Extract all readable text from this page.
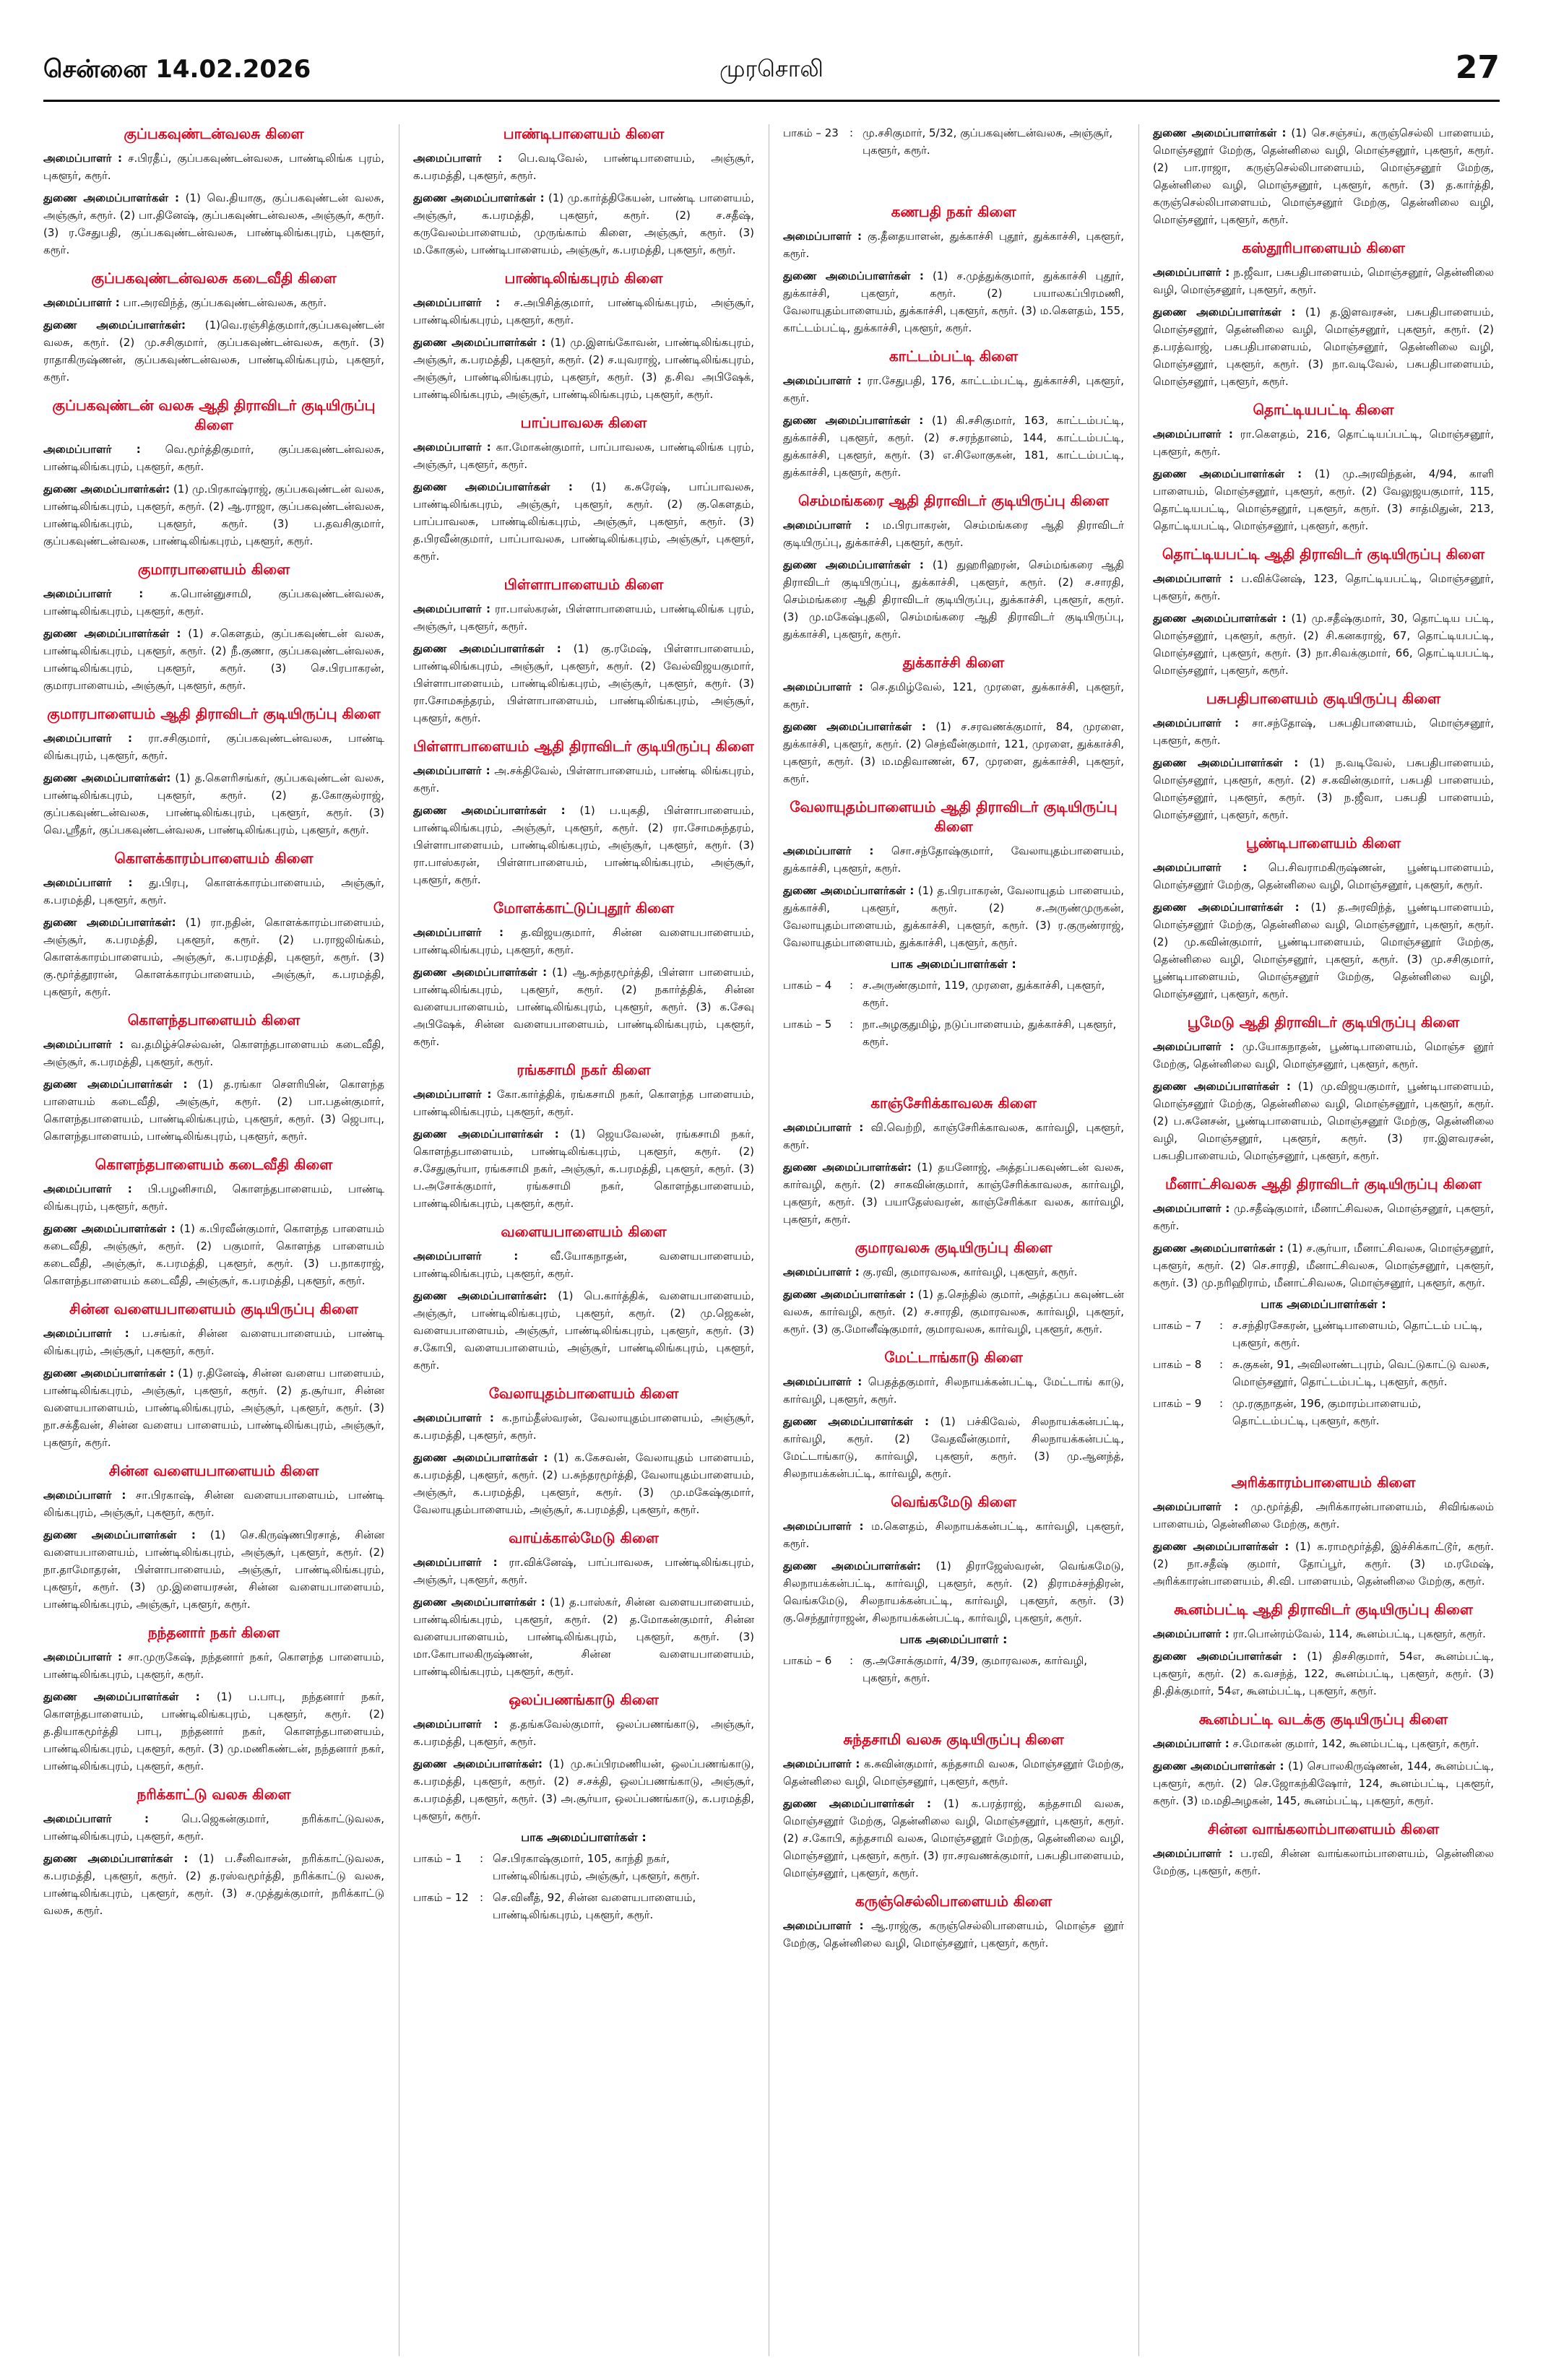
சென்னை 14.02.2026	முரசொலி	27
குப்பகவுண்டன்வலசு கிளை

அமைப்பாளர் : ச.பிரதீப், குப்பகவுண்டன்வலசு, பாண்டிலிங்க புரம், புகளூர், கரூர்.

துணை அமைப்பாளர்கள் : (1) வெ.தியாகு, குப்பகவுண்டன் வலசு, அஞ்சூர், கரூர். (2) பா.தினேஷ், குப்பகவுண்டன்வலசு, அஞ்சூர், கரூர். (3) ர.சேதுபதி, குப்பகவுண்டன்வலசு, பாண்டிலிங்கபுரம், புகளூர், கரூர்.

குப்பகவுண்டன்வலசு கடைவீதி கிளை

அமைப்பாளர் : பா.அரவிந்த், குப்பகவுண்டன்வலசு, கரூர்.

துணை அமைப்பாளர்கள்: (1)வெ.ரஞ்சித்குமார்,குப்பகவுண்டன் வலசு, கரூர். (2) மு.சசிகுமார், குப்பகவுண்டன்வலசு, கரூர். (3) ராதாகிருஷ்ணன், குப்பகவுண்டன்வலசு, பாண்டிலிங்கபுரம், புகளூர், கரூர்.

குப்பகவுண்டன் வலசு ஆதி திராவிடர் குடியிருப்பு கிளை

அமைப்பாளர் : வெ.மூர்த்திகுமார், குப்பகவுண்டன்வலசு, பாண்டிலிங்கபுரம், புகளூர், கரூர்.

துணை அமைப்பாளர்கள்: (1) மு.பிரகாஷ்ராஜ், குப்பகவுண்டன் வலசு, பாண்டிலிங்கபுரம், புகளூர், கரூர். (2) ஆ.ராஜா, குப்பகவுண்டன்வலசு, பாண்டிலிங்கபுரம், புகளூர், கரூர். (3) ப.தவசிகுமார், குப்பகவுண்டன்வலசு, பாண்டிலிங்கபுரம், புகளூர், கரூர்.

குமாரபாளையம் கிளை

அமைப்பாளர் : க.பொன்னுசாமி, குப்பகவுண்டன்வலசு, பாண்டிலிங்கபுரம், புகளூர், கரூர்.

துணை அமைப்பாளர்கள் : (1) ச.கௌதம், குப்பகவுண்டன் வலசு, பாண்டிலிங்கபுரம், புகளூர், கரூர். (2) நீ.குணா, குப்பகவுண்டன்வலசு, பாண்டிலிங்கபுரம், புகளூர், கரூர். (3) செ.பிரபாகரன், குமாரபாளையம், அஞ்சூர், புகளூர், கரூர்.

குமாரபாளையம் ஆதி திராவிடர் குடியிருப்பு கிளை

அமைப்பாளர் : ரா.சசிகுமார், குப்பகவுண்டன்வலசு, பாண்டி லிங்கபுரம், புகளூர், கரூர்.

துணை அமைப்பாளர்கள்: (1) த.கௌரிசங்கர், குப்பகவுண்டன் வலசு, பாண்டிலிங்கபுரம், புகளூர், கரூர். (2) த.கோகுல்ராஜ், குப்பகவுண்டன்வலசு, பாண்டிலிங்கபுரம், புகளூர், கரூர். (3) வெ.ஸ்ரீதர், குப்பகவுண்டன்வலசு, பாண்டிலிங்கபுரம், புகளூர், கரூர்.

கொளக்காரம்பாளையம் கிளை

அமைப்பாளர் : து.பிரபு, கொளக்காரம்பாளையம், அஞ்சூர், க.பரமத்தி, புகளூர், கரூர்.

துணை அமைப்பாளர்கள்: (1) ரா.நதின், கொளக்காரம்பாளையம், அஞ்சூர், க.பரமத்தி, புகளூர், கரூர். (2) ப.ராஜலிங்கம், கொளக்காரம்பாளையம், அஞ்சூர், க.பரமத்தி, புகளூர், கரூர். (3) கு.மூர்த்தூரான், கொளக்காரம்பாளையம், அஞ்சூர், க.பரமத்தி, புகளூர், கரூர்.

கொளந்தபாளையம் கிளை

அமைப்பாளர் : வ.தமிழ்ச்செல்வன், கொளந்தபாளையம் கடைவீதி, அஞ்சூர், க.பரமத்தி, புகளூர், கரூர்.

துணை அமைப்பாளர்கள் : (1) த.ரங்கா செளரியின், கொளந்த பாளையம் கடைவீதி, அஞ்சூர், கரூர். (2) பா.பதன்குமார், கொளந்தபாளையம், பாண்டிலிங்கபுரம், புகளூர், கரூர். (3) ஜெபாபு, கொளந்தபாளையம், பாண்டிலிங்கபுரம், புகளூர், கரூர்.

கொளந்தபாளையம் கடைவீதி கிளை

அமைப்பாளர் : பி.பழனிசாமி, கொளந்தபாளையம், பாண்டி லிங்கபுரம், புகளூர், கரூர்.

துணை அமைப்பாளர்கள் : (1) க.பிரவீன்குமார், கொளந்த பாளையம் கடைவீதி, அஞ்சூர், கரூர். (2) பகுமார், கொளந்த பாளையம் கடைவீதி, அஞ்சூர், க.பரமத்தி, புகளூர், கரூர். (3) ப.நாகராஜ், கொளந்தபாளையம் கடைவீதி, அஞ்சூர், க.பரமத்தி, புகளூர், கரூர்.

சின்ன வளையபாளையம் குடியிருப்பு கிளை

அமைப்பாளர் : ப.சங்கர், சின்ன வளையபாளையம், பாண்டி லிங்கபுரம், அஞ்சூர், புகளூர், கரூர்.

துணை அமைப்பாளர்கள் : (1) ர.தினேஷ், சின்ன வளைய பாளையம், பாண்டிலிங்கபுரம், அஞ்சூர், புகளூர், கரூர். (2) த.சூர்யா, சின்ன வளையபாளையம், பாண்டிலிங்கபுரம், அஞ்சூர், புகளூர், கரூர். (3) நா.சக்தீவன், சின்ன வளைய பாளையம், பாண்டிலிங்கபுரம், அஞ்சூர், புகளூர், கரூர்.

சின்ன வளையபாளையம் கிளை

அமைப்பாளர் : சா.பிரகாஷ், சின்ன வளையபாளையம், பாண்டி லிங்கபுரம், அஞ்சூர், புகளூர், கரூர்.

துணை அமைப்பாளர்கள் : (1) செ.கிருஷ்ணபிரசாத், சின்ன வளையபாளையம், பாண்டிலிங்கபுரம், அஞ்சூர், புகளூர், கரூர். (2) நா.தாமோதரன், பிள்ளாபாளையம், அஞ்சூர், பாண்டிலிங்கபுரம், புகளூர், கரூர். (3) மு.இளையரசன், சின்ன வளையபாளையம், பாண்டிலிங்கபுரம், அஞ்சூர், புகளூர், கரூர்.

நந்தனார் நகர் கிளை

அமைப்பாளர் : சா.முருகேஷ், நந்தனார் நகர், கொளந்த பாளையம், பாண்டிலிங்கபுரம், புகளூர், கரூர்.

துணை அமைப்பாளர்கள் : (1) ப.பாபு, நந்தனார் நகர், கொளந்தபாளையம், பாண்டிலிங்கபுரம், புகளூர், கரூர். (2) த.தியாகமூர்த்தி பாபு, நந்தனார் நகர், கொளந்தபாளையம், பாண்டிலிங்கபுரம், புகளூர், கரூர். (3) மு.மணிகண்டன், நந்தனார் நகர், பாண்டிலிங்கபுரம், புகளூர், கரூர்.

நரிக்காட்டு வலசு கிளை

அமைப்பாளர் : பெ.ஜெகன்குமார், நரிக்காட்டுவலசு, பாண்டிலிங்கபுரம், புகளூர், கரூர்.

துணை அமைப்பாளர்கள் : (1) ப.சீனிவாசன், நரிக்காட்டுவலசு, க.பரமத்தி, புகளூர், கரூர். (2) த.ரஸ்வமூர்த்தி, நரிக்காட்டு வலசு, பாண்டிலிங்கபுரம், புகளூர், கரூர். (3) ச.முத்துக்குமார், நரிக்காட்டு வலசு, கரூர்.

பாண்டிபாளையம் கிளை

அமைப்பாளர் : பெ.வடிவேல், பாண்டிபாளையம், அஞ்சூர், க.பரமத்தி, புகளூர், கரூர்.

துணை அமைப்பாளர்கள் : (1) மு.கார்த்திகேயன், பாண்டி பாளையம், அஞ்சூர், க.பரமத்தி, புகளூர், கரூர். (2) ச.சதீஷ், கருவேலம்பாளையம், முருங்காம் கிளை, அஞ்சூர், கரூர். (3) ம.கோகுல், பாண்டிபாளையம், அஞ்சூர், க.பரமத்தி, புகளூர், கரூர்.

பாண்டிலிங்கபுரம் கிளை

அமைப்பாளர் : ச.அபிசித்குமார், பாண்டிலிங்கபுரம், அஞ்சூர், பாண்டிலிங்கபுரம், புகளூர், கரூர்.

துணை அமைப்பாளர்கள் : (1) மு.இளங்கோவன், பாண்டிலிங்கபுரம், அஞ்சூர், க.பரமத்தி, புகளூர், கரூர். (2) ச.யுவராஜ், பாண்டிலிங்கபுரம், அஞ்சூர், பாண்டிலிங்கபுரம், புகளூர், கரூர். (3) த.சிவ அபிஷேக், பாண்டிலிங்கபுரம், அஞ்சூர், பாண்டிலிங்கபுரம், புகளூர், கரூர்.

பாப்பாவலசு கிளை

அமைப்பாளர் : கா.மோகன்குமார், பாப்பாவலசு, பாண்டிலிங்க புரம், அஞ்சூர், புகளூர், கரூர்.

துணை அமைப்பாளர்கள் : (1) க.சுரேஷ், பாப்பாவலசு, பாண்டிலிங்கபுரம், அஞ்சூர், புகளூர், கரூர். (2) கு.கௌதம், பாப்பாவலசு, பாண்டிலிங்கபுரம், அஞ்சூர், புகளூர், கரூர். (3) த.பிரவீன்குமார், பாப்பாவலசு, பாண்டிலிங்கபுரம், அஞ்சூர், புகளூர், கரூர்.

பிள்ளாபாளையம் கிளை

அமைப்பாளர் : ரா.பாஸ்கரன், பிள்ளாபாளையம், பாண்டிலிங்க புரம், அஞ்சூர், புகளூர், கரூர்.

துணை அமைப்பாளர்கள் : (1) கு.ரமேஷ், பிள்ளாபாளையம், பாண்டிலிங்கபுரம், அஞ்சூர், புகளூர், கரூர். (2) வேல்விஜயகுமார், பிள்ளாபாளையம், பாண்டிலிங்கபுரம், அஞ்சூர், புகளூர், கரூர். (3) ரா.சோமசுந்தரம், பிள்ளாபாளையம், பாண்டிலிங்கபுரம், அஞ்சூர், புகளூர், கரூர்.

பிள்ளாபாளையம் ஆதி திராவிடர் குடியிருப்பு கிளை

அமைப்பாளர் : அ.சக்திவேல், பிள்ளாபாளையம், பாண்டி லிங்கபுரம், கரூர்.

துணை அமைப்பாளர்கள் : (1) ப.யுகதி, பிள்ளாபாளையம், பாண்டிலிங்கபுரம், அஞ்சூர், புகளூர், கரூர். (2) ரா.சோமசுந்தரம், பிள்ளாபாளையம், பாண்டிலிங்கபுரம், அஞ்சூர், புகளூர், கரூர். (3) ரா.பாஸ்கரன், பிள்ளாபாளையம், பாண்டிலிங்கபுரம், அஞ்சூர், புகளூர், கரூர்.

மோளக்காட்டுப்புதூர் கிளை

அமைப்பாளர் : த.விஜயகுமார், சின்ன வளையபாளையம், பாண்டிலிங்கபுரம், புகளூர், கரூர்.

துணை அமைப்பாளர்கள் : (1) ஆ.சுந்தரமூர்த்தி, பிள்ளா பாளையம், பாண்டிலிங்கபுரம், புகளூர், கரூர். (2) நகார்த்திக், சின்ன வளையபாளையம், பாண்டிலிங்கபுரம், புகளூர், கரூர். (3) க.சேவு அபிஷேக், சின்ன வளையபாளையம், பாண்டிலிங்கபுரம், புகளூர், கரூர்.

ரங்கசாமி நகர் கிளை

அமைப்பாளர் : கோ.கார்த்திக், ரங்கசாமி நகர், கொளந்த பாளையம், பாண்டிலிங்கபுரம், புகளூர், கரூர்.

துணை அமைப்பாளர்கள் : (1) ஜெயவேலன், ரங்கசாமி நகர், கொளந்தபாளையம், பாண்டிலிங்கபுரம், புகளூர், கரூர். (2) ச.சேதுசூர்யா, ரங்கசாமி நகர், அஞ்சூர், க.பரமத்தி, புகளூர், கரூர். (3) ப.அசோக்குமார், ரங்கசாமி நகர், கொளந்தபாளையம், பாண்டிலிங்கபுரம், புகளூர், கரூர்.

வளையபாளையம் கிளை

அமைப்பாளர் : வீ.யோகநாதன், வளையபாளையம், பாண்டிலிங்கபுரம், புகளூர், கரூர்.

துணை அமைப்பாளர்கள்: (1) பெ.கார்த்திக், வளையபாளையம், அஞ்சூர், பாண்டிலிங்கபுரம், புகளூர், கரூர். (2) மு.ஜெகன், வளையபாளையம், அஞ்சூர், பாண்டிலிங்கபுரம், புகளூர், கரூர். (3) ச.கோபி, வளையபாளையம், அஞ்சூர், பாண்டிலிங்கபுரம், புகளூர், கரூர்.

வேலாயுதம்பாளையம் கிளை

அமைப்பாளர் : க.நாம்தீஸ்வரன், வேலாயுதம்பாளையம், அஞ்சூர், க.பரமத்தி, புகளூர், கரூர்.

துணை அமைப்பாளர்கள் : (1) க.கேசவன், வேலாயுதம் பாளையம், க.பரமத்தி, புகளூர், கரூர். (2) ப.சுந்தரமூர்த்தி, வேலாயுதம்பாளையம், அஞ்சூர், க.பரமத்தி, புகளூர், கரூர். (3) மு.மகேஷ்குமார், வேலாயுதம்பாளையம், அஞ்சூர், க.பரமத்தி, புகளூர், கரூர்.

வாய்க்கால்மேடு கிளை

அமைப்பாளர் : ரா.விக்னேஷ், பாப்பாவலசு, பாண்டிலிங்கபுரம், அஞ்சூர், புகளூர், கரூர்.

துணை அமைப்பாளர்கள் : (1) த.பாஸ்கர், சின்ன வளையபாளையம், பாண்டிலிங்கபுரம், புகளூர், கரூர். (2) த.மோகன்குமார், சின்ன வளையபாளையம், பாண்டிலிங்கபுரம், புகளூர், கரூர். (3) மா.கோபாலகிருஷ்ணன், சின்ன வளையபாளையம், பாண்டிலிங்கபுரம், புகளூர், கரூர்.

ஒலப்பணங்காடு கிளை

அமைப்பாளர் : த.தங்கவேல்குமார், ஒலப்பணங்காடு, அஞ்சூர், க.பரமத்தி, புகளூர், கரூர்.

துணை அமைப்பாளர்கள்: (1) மு.சுப்பிரமணியன், ஒலப்பணங்காடு, க.பரமத்தி, புகளூர், கரூர். (2) ச.சக்தி, ஒலப்பணங்காடு, அஞ்சூர், க.பரமத்தி, புகளூர், கரூர். (3) அ.சூர்யா, ஒலப்பணங்காடு, க.பரமத்தி, புகளூர், கரூர்.

பாக அமைப்பாளர்கள் :
பாகம் – 1	: செ.பிரகாஷ்குமார், 105, காந்தி நகர், பாண்டிலிங்கபுரம், அஞ்சூர், புகளூர், கரூர்.
பாகம் – 12	: செ.வினீத், 92, சின்ன வளையபாளையம், பாண்டிலிங்கபுரம், புகளூர், கரூர்.
பாகம் – 23	: மு.சசிகுமார், 5/32, குப்பகவுண்டன்வலசு, அஞ்சூர், புகளூர், கரூர்.
கணபதி நகர் கிளை

அமைப்பாளர் : கு.தீனதயாளன், துக்காச்சி புதூர், துக்காச்சி, புகளூர், கரூர்.

துணை அமைப்பாளர்கள் : (1) ச.முத்துக்குமார், துக்காச்சி புதூர், துக்காச்சி, புகளூர், கரூர். (2) பயாலகப்பிரமணி, வேலாயுதம்பாளையம், துக்காச்சி, புகளூர், கரூர். (3) ம.கௌதம், 155, காட்டம்பட்டி, துக்காச்சி, புகளூர், கரூர்.

காட்டம்பட்டி கிளை

அமைப்பாளர் : ரா.சேதுபதி, 176, காட்டம்பட்டி, துக்காச்சி, புகளூர், கரூர்.

துணை அமைப்பாளர்கள் : (1) கி.சசிகுமார், 163, காட்டம்பட்டி, துக்காச்சி, புகளூர், கரூர். (2) ச.சரந்தானம், 144, காட்டம்பட்டி, துக்காச்சி, புகளூர், கரூர். (3) எ.சிலோகுகன், 181, காட்டம்பட்டி, துக்காச்சி, புகளூர், கரூர்.

செம்மங்கரை ஆதி திராவிடர் குடியிருப்பு கிளை

அமைப்பாளர் : ம.பிரபாகரன், செம்மங்கரை ஆதி திராவிடர் குடியிருப்பு, துக்காச்சி, புகளூர், கரூர்.

துணை அமைப்பாளர்கள் : (1) துஹரிஹரன், செம்மங்கரை ஆதி திராவிடர் குடியிருப்பு, துக்காச்சி, புகளூர், கரூர். (2) ச.சாரதி, செம்மங்கரை ஆதி திராவிடர் குடியிருப்பு, துக்காச்சி, புகளூர், கரூர். (3) மு.மகேஷ்புதலி, செம்மங்கரை ஆதி திராவிடர் குடியிருப்பு, துக்காச்சி, புகளூர், கரூர்.

துக்காச்சி கிளை

அமைப்பாளர் : செ.தமிழ்வேல், 121, முரளை, துக்காச்சி, புகளூர், கரூர்.

துணை அமைப்பாளர்கள் : (1) ச.சரவணக்குமார், 84, முரளை, துக்காச்சி, புகளூர், கரூர். (2) செந்வீன்குமார், 121, முரளை, துக்காச்சி, புகளூர், கரூர். (3) ம.மதிவாணன், 67, முரளை, துக்காச்சி, புகளூர், கரூர்.

வேலாயுதம்பாளையம் ஆதி திராவிடர் குடியிருப்பு கிளை

அமைப்பாளர் : சொ.சந்தோஷ்குமார், வேலாயுதம்பாளையம், துக்காச்சி, புகளூர், கரூர்.

துணை அமைப்பாளர்கள் : (1) த.பிரபாகரன், வேலாயுதம் பாளையம், துக்காச்சி, புகளூர், கரூர். (2) ச.அருண்முருகன், வேலாயுதம்பாளையம், துக்காச்சி, புகளூர், கரூர். (3) ர.குருண்ராஜ், வேலாயுதம்பாளையம், துக்காச்சி, புகளூர், கரூர்.

பாக அமைப்பாளர்கள் :
பாகம் – 4	: ச.அருண்குமார், 119, முரளை, துக்காச்சி, புகளூர், கரூர்.
பாகம் – 5	: நா.அழகுதுமிழ், நடுப்பாளையம், துக்காச்சி, புகளூர், கரூர்.
காஞ்சேரிக்காவலசு கிளை

அமைப்பாளர் : வி.வெற்றி, காஞ்சேரிக்காவலசு, கார்வழி, புகளூர், கரூர்.

துணை அமைப்பாளர்கள்: (1) தயனோஜ், அத்தப்பகவுண்டன் வலசு, கார்வழி, கரூர். (2) சாகவின்குமார், காஞ்சேரிக்காவலசு, கார்வழி, புகளூர், கரூர். (3) பயாதேஸ்வரன், காஞ்சேரிக்கா வலசு, கார்வழி, புகளூர், கரூர்.

குமாரவலசு குடியிருப்பு கிளை

அமைப்பாளர் : கு.ரவி, குமாரவலசு, கார்வழி, புகளூர், கரூர்.

துணை அமைப்பாளர்கள் : (1) த.செந்தில் குமார், அத்தப்ப கவுண்டன் வலசு, கார்வழி, கரூர். (2) ச.சாரதி, குமாரவலசு, கார்வழி, புகளூர், கரூர். (3) கு.மோனீஷ்குமார், குமாரவலசு, கார்வழி, புகளூர், கரூர்.

மேட்டாங்காடு கிளை

அமைப்பாளர் : பெதத்தகுமார், சிலநாயக்கன்பட்டி, மேட்டாங் காடு, கார்வழி, புகளூர், கரூர்.

துணை அமைப்பாளர்கள் : (1) பச்கிவேல், சிலநாயக்கன்பட்டி, கார்வழி, கரூர். (2) வேதவீன்குமார், சிலநாயக்கன்பட்டி, மேட்டாங்காடு, கார்வழி, புகளூர், கரூர். (3) மு.ஆனந்த், சிலநாயக்கன்பட்டி, கார்வழி, கரூர்.

வெங்கமேடு கிளை

அமைப்பாளர் : ம.கௌதம், சிலநாயக்கன்பட்டி, கார்வழி, புகளூர், கரூர்.

துணை அமைப்பாளர்கள்: (1) திராஜேஸ்வரன், வெங்கமேடு, சிலநாயக்கன்பட்டி, கார்வழி, புகளூர், கரூர். (2) திராமச்சந்திரன், வெங்கமேடு, சிலநாயக்கன்பட்டி, கார்வழி, புகளூர், கரூர். (3) கு.செந்தூர்ராஜன், சிலநாயக்கன்பட்டி, கார்வழி, புகளூர், கரூர்.

பாக அமைப்பாளர் :
பாகம் – 6	: கு.அசோக்குமார், 4/39, குமாரவலசு, கார்வழி, புகளூர், கரூர்.
சுந்தசாமி வலசு குடியிருப்பு கிளை

அமைப்பாளர் : க.சுவின்குமார், கந்தசாமி வலசு, மொஞ்சனூர் மேற்கு, தென்னிலை வழி, மொஞ்சனூர், புகளூர், கரூர்.

துணை அமைப்பாளர்கள் : (1) க.பரத்ராஜ், கந்தசாமி வலசு, மொஞ்சனூர் மேற்கு, தென்னிலை வழி, மொஞ்சனூர், புகளூர், கரூர். (2) ச.கோபி, கந்தசாமி வலசு, மொஞ்சனூர் மேற்கு, தென்னிலை வழி, மொஞ்சனூர், புகளூர், கரூர். (3) ரா.சரவணக்குமார், பசுபதிபாளையம், மொஞ்சனூர், புகளூர், கரூர்.

கருஞ்செல்லிபாளையம் கிளை

அமைப்பாளர் : ஆ.ராஜ்கு, கருஞ்செல்லிபாளையம், மொஞ்ச னூர் மேற்கு, தென்னிலை வழி, மொஞ்சனூர், புகளூர், கரூர்.

துணை அமைப்பாளர்கள் : (1) செ.சஞ்சய், கருஞ்செல்லி பாளையம், மொஞ்சனூர் மேற்கு, தென்னிலை வழி, மொஞ்சனூர், புகளூர், கரூர். (2) பா.ராஜா, கருஞ்செல்லிபாளையம், மொஞ்சனூர் மேற்கு, தென்னிலை வழி, மொஞ்சனூர், புகளூர், கரூர். (3) த.கார்த்தி, கருஞ்செல்லிபாளையம், மொஞ்சனூர் மேற்கு, தென்னிலை வழி, மொஞ்சனூர், புகளூர், கரூர்.

கஸ்தூரிபாளையம் கிளை

அமைப்பாளர் : ந.ஜீவா, பசுபதிபாளையம், மொஞ்சனூர், தென்னிலை வழி, மொஞ்சனூர், புகளூர், கரூர்.

துணை அமைப்பாளர்கள் : (1) த.இளவரசன், பசுபதிபாளையம், மொஞ்சனூர், தென்னிலை வழி, மொஞ்சனூர், புகளூர், கரூர். (2) த.பரத்வாஜ், பசுபதிபாளையம், மொஞ்சனூர், தென்னிலை வழி, மொஞ்சனூர், புகளூர், கரூர். (3) நா.வடிவேல், பசுபதிபாளையம், மொஞ்சனூர், புகளூர், கரூர்.

தொட்டியபட்டி கிளை

அமைப்பாளர் : ரா.கௌதம், 216, தொட்டியப்பட்டி, மொஞ்சனூர், புகளூர், கரூர்.

துணை அமைப்பாளர்கள் : (1) மு.அரவிந்தன், 4/94, காளி பாளையம், மொஞ்சனூர், புகளூர், கரூர். (2) வேலுஜயகுமார், 115, தொட்டியபட்டி, மொஞ்சனூர், புகளூர், கரூர். (3) சாத்மிதுன், 213, தொட்டியபட்டி, மொஞ்சனூர், புகளூர், கரூர்.

தொட்டியபட்டி ஆதி திராவிடர் குடியிருப்பு கிளை

அமைப்பாளர் : ப.விக்னேஷ், 123, தொட்டியபட்டி, மொஞ்சனூர், புகளூர், கரூர்.

துணை அமைப்பாளர்கள் : (1) மு.சதீஷ்குமார், 30, தொட்டிய பட்டி, மொஞ்சனூர், புகளூர், கரூர். (2) சி.கனகராஜ், 67, தொட்டியபட்டி, மொஞ்சனூர், புகளூர், கரூர். (3) நா.சிவக்குமார், 66, தொட்டியபட்டி, மொஞ்சனூர், புகளூர், கரூர்.

பசுபதிபாளையம் குடியிருப்பு கிளை

அமைப்பாளர் : சா.சந்தோஷ், பசுபதிபாளையம், மொஞ்சனூர், புகளூர், கரூர்.

துணை அமைப்பாளர்கள் : (1) ந.வடிவேல், பசுபதிபாளையம், மொஞ்சனூர், புகளூர், கரூர். (2) ச.கவின்குமார், பசுபதி பாளையம், மொஞ்சனூர், புகளூர், கரூர். (3) ந.ஜீவா, பசுபதி பாளையம், மொஞ்சனூர், புகளூர், கரூர்.

பூண்டிபாளையம் கிளை

அமைப்பாளர் : பெ.சிவராமகிருஷ்ணன், பூண்டிபாளையம், மொஞ்சனூர் மேற்கு, தென்னிலை வழி, மொஞ்சனூர், புகளூர், கரூர்.

துணை அமைப்பாளர்கள் : (1) த.அரவிந்த், பூண்டிபாளையம், மொஞ்சனூர் மேற்கு, தென்னிலை வழி, மொஞ்சனூர், புகளூர், கரூர். (2) மு.கவின்குமார், பூண்டிபாளையம், மொஞ்சனூர் மேற்கு, தென்னிலை வழி, மொஞ்சனூர், புகளூர், கரூர். (3) மு.சசிகுமார், பூண்டிபாளையம், மொஞ்சனூர் மேற்கு, தென்னிலை வழி, மொஞ்சனூர், புகளூர், கரூர்.

பூமேடு ஆதி திராவிடர் குடியிருப்பு கிளை

அமைப்பாளர் : மு.யோகநாதன், பூண்டிபாளையம், மொஞ்ச னூர் மேற்கு, தென்னிலை வழி, மொஞ்சனூர், புகளூர், கரூர்.

துணை அமைப்பாளர்கள் : (1) மு.விஜயகுமார், பூண்டிபாளையம், மொஞ்சனூர் மேற்கு, தென்னிலை வழி, மொஞ்சனூர், புகளூர், கரூர். (2) ப.சுனேசன், பூண்டிபாளையம், மொஞ்சனூர் மேற்கு, தென்னிலை வழி, மொஞ்சனூர், புகளூர், கரூர். (3) ரா.இளவரசன், பசுபதிபாளையம், மொஞ்சனூர், புகளூர், கரூர்.

மீனாட்சிவலசு ஆதி திராவிடர் குடியிருப்பு கிளை

அமைப்பாளர் : மு.சதீஷ்குமார், மீனாட்சிவலசு, மொஞ்சனூர், புகளூர், கரூர்.

துணை அமைப்பாளர்கள் : (1) ச.சூர்யா, மீனாட்சிவலசு, மொஞ்சனூர், புகளூர், கரூர். (2) செ.சாரதி, மீனாட்சிவலசு, மொஞ்சனூர், புகளூர், கரூர். (3) மு.நரிஹிராம், மீனாட்சிவலசு, மொஞ்சனூர், புகளூர், கரூர்.

பாக அமைப்பாளர்கள் :
பாகம் – 7	: ச.சந்திரசேகரன், பூண்டிபாளையம், தொட்டம் பட்டி, புகளூர், கரூர்.
பாகம் – 8	: சு.குகன், 91, அவிலாண்டபுரம், வெட்டுகாட்டு வலசு, மொஞ்சனூர், தொட்டம்பட்டி, புகளூர், கரூர்.
பாகம் – 9	: மு.ரகுநாதன், 196, குமாரம்பாளையம், தொட்டம்பட்டி, புகளூர், கரூர்.
அரிக்காரம்பாளையம் கிளை

அமைப்பாளர் : மு.மூர்த்தி, அரிக்காரன்பாளையம், சிவிங்கலம் பாளையம், தென்னிலை மேற்கு, கரூர்.

துணை அமைப்பாளர்கள் : (1) க.ராமமூர்த்தி, இச்சிக்காட்டூர், கரூர். (2) நா.சதீஷ் குமார், தோப்பூர், கரூர். (3) ம.ரமேஷ், அரிக்காரன்பாளையம், சி.வி. பாளையம், தென்னிலை மேற்கு, கரூர்.

கூனம்பட்டி ஆதி திராவிடர் குடியிருப்பு கிளை

அமைப்பாளர் : ரா.பொன்ரம்வேல், 114, கூனம்பட்டி, புகளூர், கரூர்.

துணை அமைப்பாளர்கள் : (1) திசசிகுமார், 54எ, கூனம்பட்டி, புகளூர், கரூர். (2) க.வசந்த், 122, கூனம்பட்டி, புகளூர், கரூர். (3) தி.திக்குமார், 54எ, கூனம்பட்டி, புகளூர், கரூர்.

கூனம்பட்டி வடக்கு குடியிருப்பு கிளை

அமைப்பாளர் : ச.மோகன் குமார், 142, கூனம்பட்டி, புகளூர், கரூர்.

துணை அமைப்பாளர்கள் : (1) செபாலகிருஷ்ணன், 144, கூனம்பட்டி, புகளூர், கரூர். (2) செ.ஜோகந்கிஷோர், 124, கூனம்பட்டி, புகளூர், கரூர். (3) ம.மதிஅழகன், 145, கூனம்பட்டி, புகளூர், கரூர்.

சின்ன வாங்கலாம்பாளையம் கிளை

அமைப்பாளர் : ப.ரவி, சின்ன வாங்கலாம்பாளையம், தென்னிலை மேற்கு, புகளூர், கரூர்.
